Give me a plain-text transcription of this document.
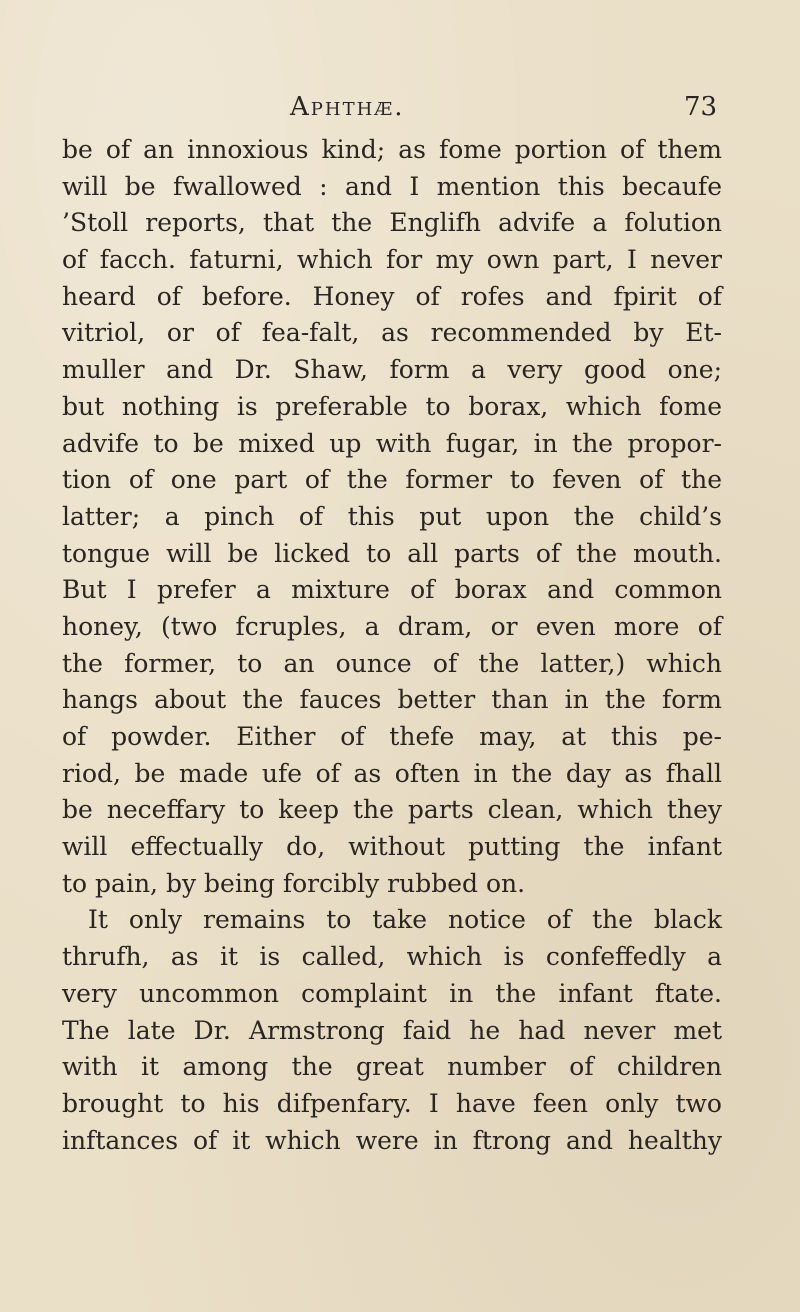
Aphthæ.	73
be of an innoxious kind; as fome portion of them
will be fwallowed : and I mention this becaufe
’Stoll reports, that the Englifh advife a folution
of facch. faturni, which for my own part, I never
heard of before. Honey of rofes and fpirit of
vitriol, or of fea-falt, as recommended by Et-
muller and Dr. Shaw, form a very good one;
but nothing is preferable to borax, which fome
advife to be mixed up with fugar, in the propor-
tion of one part of the former to feven of the
latter; a pinch of this put upon the child’s
tongue will be licked to all parts of the mouth.
But I prefer a mixture of borax and common
honey, (two fcruples, a dram, or even more of
the former, to an ounce of the latter,) which
hangs about the fauces better than in the form
of powder. Either of thefe may, at this pe-
riod, be made ufe of as often in the day as fhall
be neceffary to keep the parts clean, which they
will effectually do, without putting the infant
to pain, by being forcibly rubbed on.
It only remains to take notice of the black
thrufh, as it is called, which is confeffedly a
very uncommon complaint in the infant ftate.
The late Dr. Armstrong faid he had never met
with it among the great number of children
brought to his difpenfary. I have feen only two
inftances of it which were in ftrong and healthy
